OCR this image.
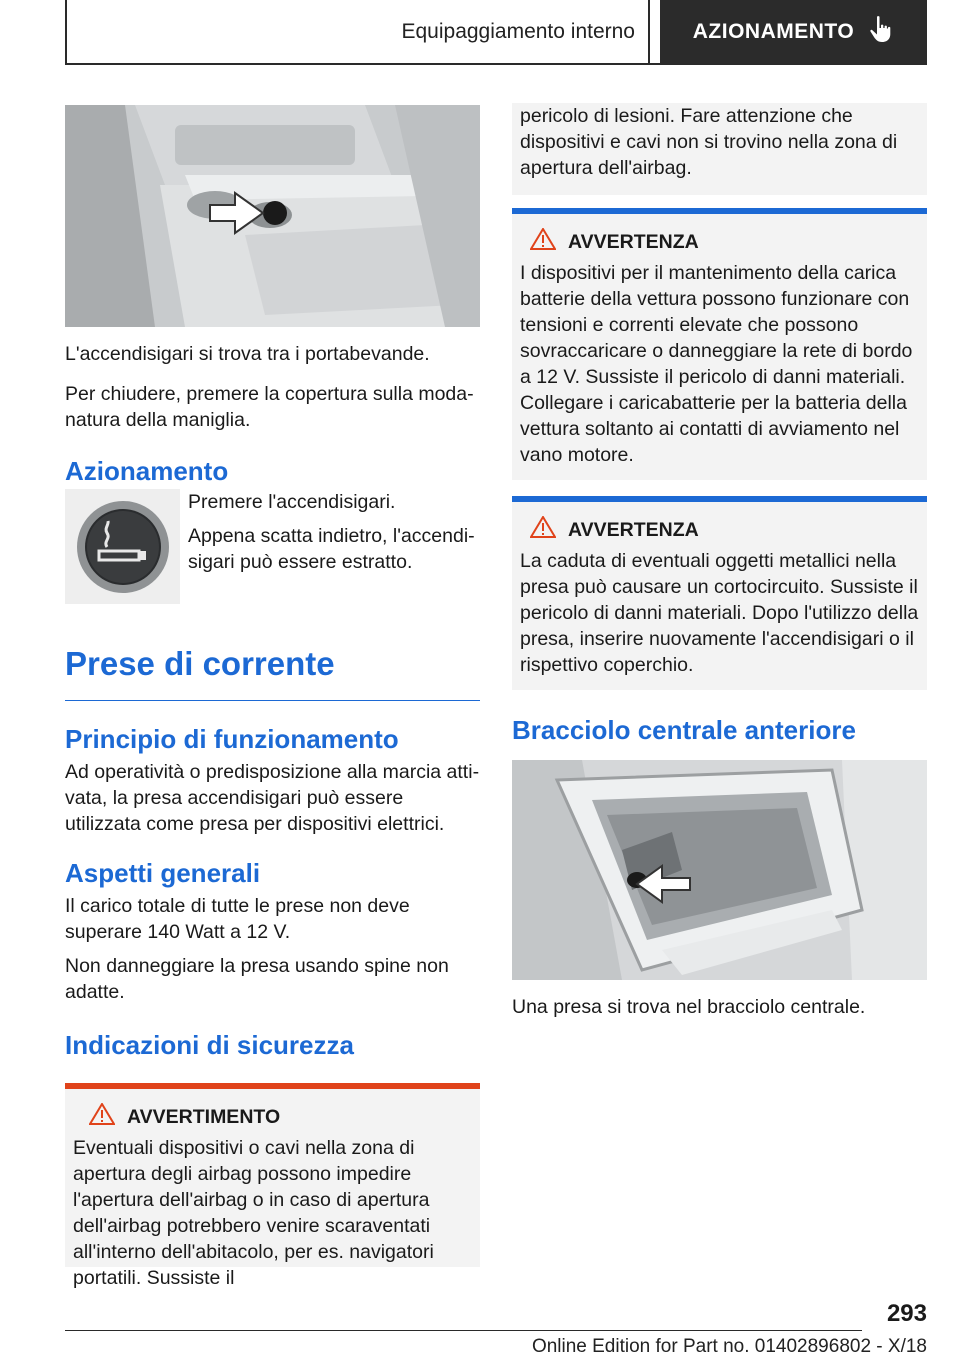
Equipaggiamento interno	AZIONAMENTO

L'accendisigari si trova tra i portabevande.

Per chiudere, premere la copertura sulla modanatura della maniglia.

Azionamento

Premere l'accendisigari.

Appena scatta indietro, l'accendisigari può essere estratto.

Prese di corrente
Principio di funzionamento

Ad operatività o predisposizione alla marcia attivata, la presa accendisigari può essere utilizzata come presa per dispositivi elettrici.

Aspetti generali

Il carico totale di tutte le prese non deve superare 140 Watt a 12 V.

Non danneggiare la presa usando spine non adatte.

Indicazioni di sicurezza
AVVERTIMENTO

Eventuali dispositivi o cavi nella zona di apertura degli airbag possono impedire l'apertura dell'airbag o in caso di apertura dell'airbag potrebbero venire scaraventati all'interno dell'abitacolo, per es. navigatori portatili. Sussiste il

pericolo di lesioni. Fare attenzione che dispositivi e cavi non si trovino nella zona di apertura dell'airbag.

AVVERTENZA

I dispositivi per il mantenimento della carica batterie della vettura possono funzionare con tensioni e correnti elevate che possono sovraccaricare o danneggiare la rete di bordo a 12 V. Sussiste il pericolo di danni materiali. Collegare i caricabatterie per la batteria della vettura soltanto ai contatti di avviamento nel vano motore.

AVVERTENZA

La caduta di eventuali oggetti metallici nella presa può causare un cortocircuito. Sussiste il pericolo di danni materiali. Dopo l'utilizzo della presa, inserire nuovamente l'accendisigari o il rispettivo coperchio.

Bracciolo centrale anteriore

Una presa si trova nel bracciolo centrale.

293
Online Edition for Part no. 01402896802 - X/18
